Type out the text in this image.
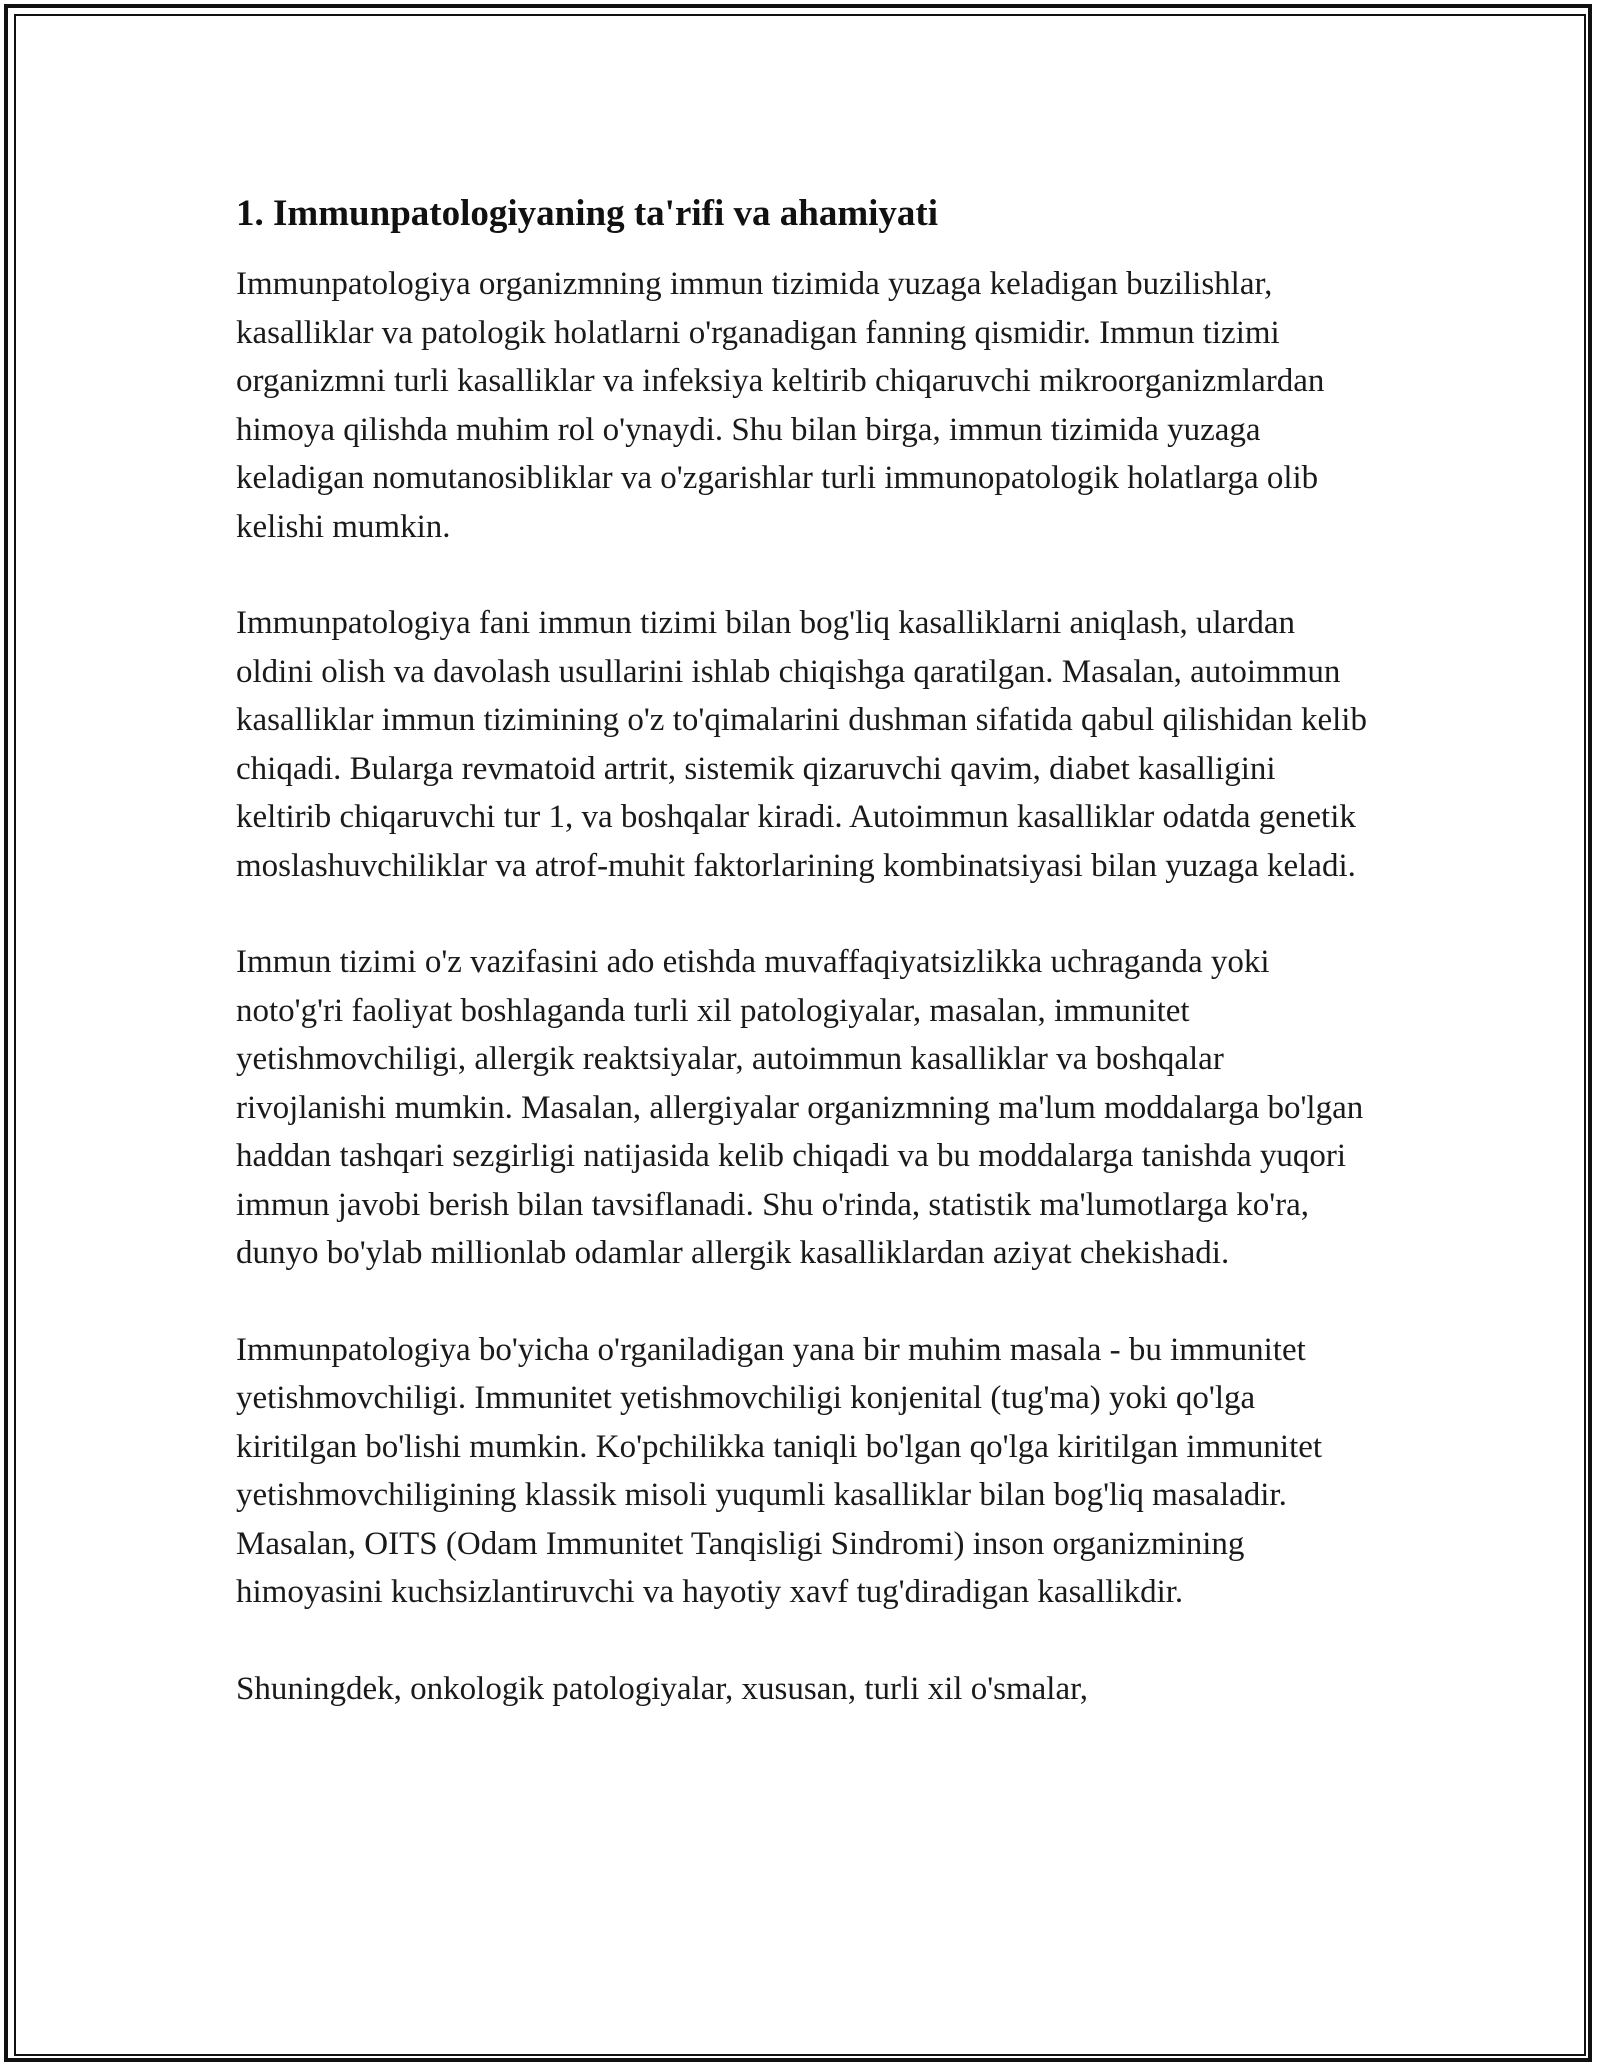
1. Immunpatologiyaning ta'rifi va ahamiyati

Immunpatologiya organizmning immun tizimida yuzaga keladigan buzilishlar, kasalliklar va patologik holatlarni o'rganadigan fanning qismidir. Immun tizimi organizmni turli kasalliklar va infeksiya keltirib chiqaruvchi mikroorganizmlardan himoya qilishda muhim rol o'ynaydi. Shu bilan birga, immun tizimida yuzaga keladigan nomutanosibliklar va o'zgarishlar turli immunopatologik holatlarga olib kelishi mumkin.

Immunpatologiya fani immun tizimi bilan bog'liq kasalliklarni aniqlash, ulardan oldini olish va davolash usullarini ishlab chiqishga qaratilgan. Masalan, autoimmun kasalliklar immun tizimining o'z to'qimalarini dushman sifatida qabul qilishidan kelib chiqadi. Bularga revmatoid artrit, sistemik qizaruvchi qavim, diabet kasalligini keltirib chiqaruvchi tur 1, va boshqalar kiradi. Autoimmun kasalliklar odatda genetik moslashuvchiliklar va atrof-muhit faktorlarining kombinatsiyasi bilan yuzaga keladi.

Immun tizimi o'z vazifasini ado etishda muvaffaqiyatsizlikka uchraganda yoki noto'g'ri faoliyat boshlaganda turli xil patologiyalar, masalan, immunitet yetishmovchiligi, allergik reaktsiyalar, autoimmun kasalliklar va boshqalar rivojlanishi mumkin. Masalan, allergiyalar organizmning ma'lum moddalarga bo'lgan haddan tashqari sezgirligi natijasida kelib chiqadi va bu moddalarga tanishda yuqori immun javobi berish bilan tavsiflanadi. Shu o'rinda, statistik ma'lumotlarga ko'ra, dunyo bo'ylab millionlab odamlar allergik kasalliklardan aziyat chekishadi.

Immunpatologiya bo'yicha o'rganiladigan yana bir muhim masala - bu immunitet yetishmovchiligi. Immunitet yetishmovchiligi konjenital (tug'ma) yoki qo'lga kiritilgan bo'lishi mumkin. Ko'pchilikka taniqli bo'lgan qo'lga kiritilgan immunitet yetishmovchiligining klassik misoli yuqumli kasalliklar bilan bog'liq masaladir. Masalan, OITS (Odam Immunitet Tanqisligi Sindromi) inson organizmining himoyasini kuchsizlantiruvchi va hayotiy xavf tug'diradigan kasallikdir.

Shuningdek, onkologik patologiyalar, xususan, turli xil o'smalar,
